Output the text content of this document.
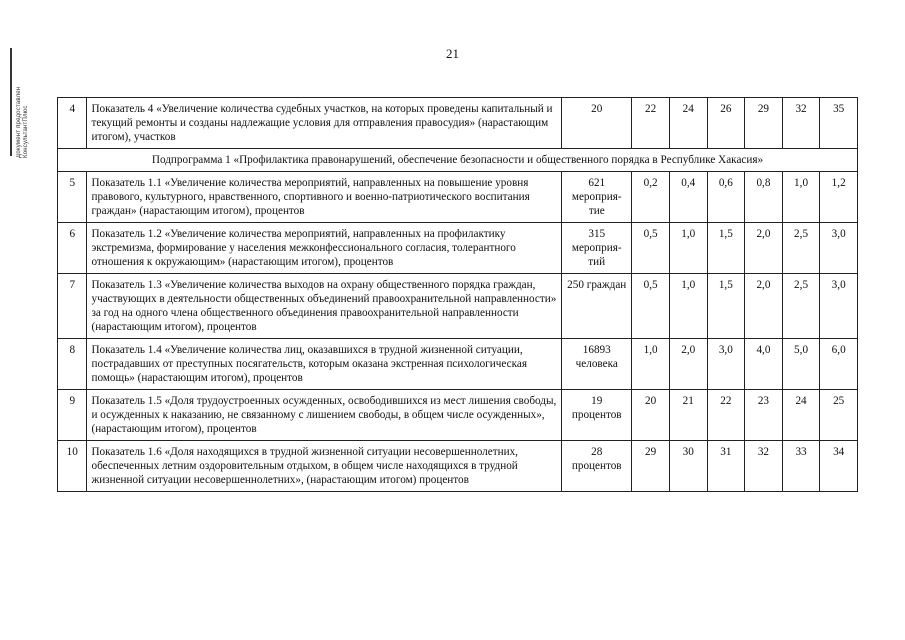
21
Документ предоставлен КонсультантПлюс	4	Показатель 4 «Увеличение количества судебных участков, на которых проведены капитальный и текущий ремонты и созданы надлежащие условия для отправления правосудия» (нарастающим итогом), участков	20	22	24	26	29	32	35
Подпрограмма 1 «Профилактика правонарушений, обеспечение безопасности и общественного порядка в Республике Хакасия»								
5	Показатель 1.1 «Увеличение количества мероприятий, направленных на повышение уровня правового, культурного, нравственного, спортивного и военно-патриотического воспитания граждан» (нарастающим итогом), процентов	621 мероприя-тие	0,2	0,4	0,6	0,8	1,0	1,2
6	Показатель 1.2 «Увеличение количества мероприятий, направленных на профилактику экстремизма, формирование у населения межконфессионального согласия, толерантного отношения к окружающим» (нарастающим итогом), процентов	315 мероприя-тий	0,5	1,0	1,5	2,0	2,5	3,0
7	Показатель 1.3 «Увеличение количества выходов на охрану общественного порядка граждан, участвующих в деятельности общественных объединений правоохранительной направленности» за год на одного члена общественного объединения правоохранительной направленности (нарастающим итогом), процентов	250 граждан	0,5	1,0	1,5	2,0	2,5	3,0
8	Показатель 1.4 «Увеличение количества лиц, оказавшихся в трудной жизненной ситуации, пострадавших от преступных посягательств, которым оказана экстренная психологическая помощь» (нарастающим итогом), процентов	16893 человека	1,0	2,0	3,0	4,0	5,0	6,0
9	Показатель 1.5 «Доля трудоустроенных осужденных, освободившихся из мест лишения свободы, и осужденных к наказанию, не связанному с лишением свободы, в общем числе осужденных», (нарастающим итогом), процентов	19 процентов	20	21	22	23	24	25
10	Показатель 1.6 «Доля находящихся в трудной жизненной ситуации несовершеннолетних, обеспеченных летним оздоровительным отдыхом, в общем числе находящихся в трудной жизненной ситуации несовершеннолетних», (нарастающим итогом) процентов	28 процентов	29	30	31	32	33	34
